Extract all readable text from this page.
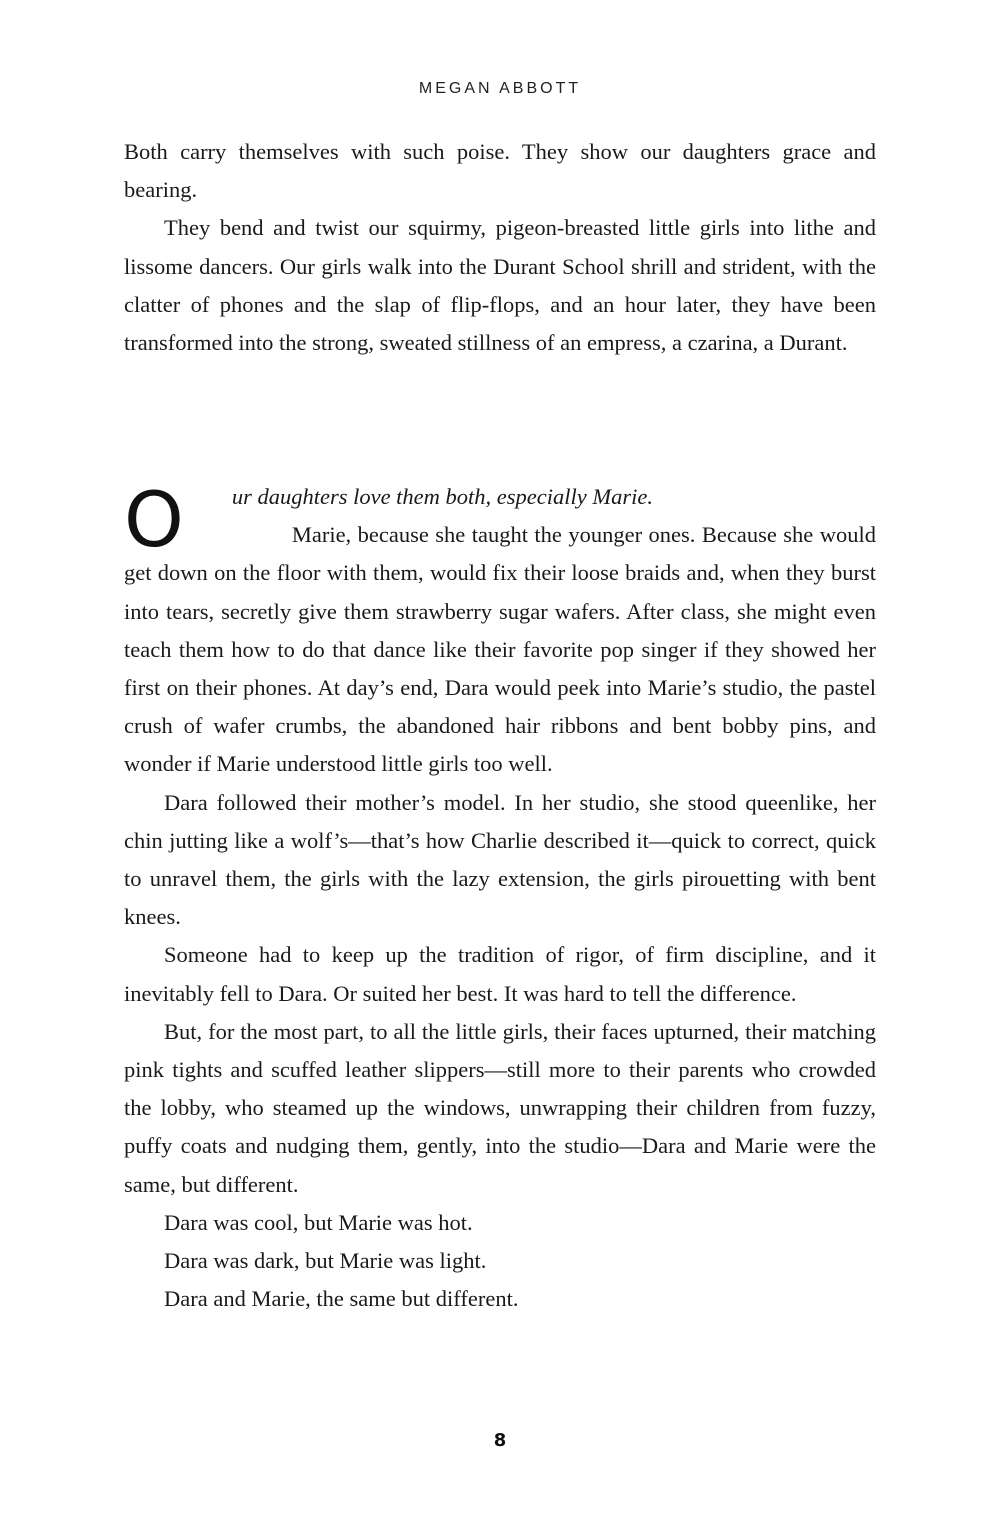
MEGAN ABBOTT

Both carry themselves with such poise. They show our daughters grace and bearing.

They bend and twist our squirmy, pigeon-breasted little girls into lithe and lissome dancers. Our girls walk into the Durant School shrill and strident, with the clatter of phones and the slap of flip-flops, and an hour later, they have been transformed into the strong, sweated stillness of an empress, a czarina, a Durant.

O	ur daughters love them both, especially Marie.

Marie, because she taught the younger ones. Because she would get down on the floor with them, would fix their loose braids and, when they burst into tears, secretly give them strawberry sugar wafers. After class, she might even teach them how to do that dance like their favorite pop singer if they showed her first on their phones. At day’s end, Dara would peek into Marie’s studio, the pastel crush of wafer crumbs, the abandoned hair ribbons and bent bobby pins, and wonder if Marie understood little girls too well.

Dara followed their mother’s model. In her studio, she stood queenlike, her chin jutting like a wolf’s—that’s how Charlie described it—quick to correct, quick to unravel them, the girls with the lazy extension, the girls pirouetting with bent knees.

Someone had to keep up the tradition of rigor, of firm discipline, and it inevitably fell to Dara. Or suited her best. It was hard to tell the difference.

But, for the most part, to all the little girls, their faces upturned, their matching pink tights and scuffed leather slippers—still more to their parents who crowded the lobby, who steamed up the windows, unwrapping their children from fuzzy, puffy coats and nudging them, gently, into the studio—Dara and Marie were the same, but different.

Dara was cool, but Marie was hot.

Dara was dark, but Marie was light.

Dara and Marie, the same but different.

8
